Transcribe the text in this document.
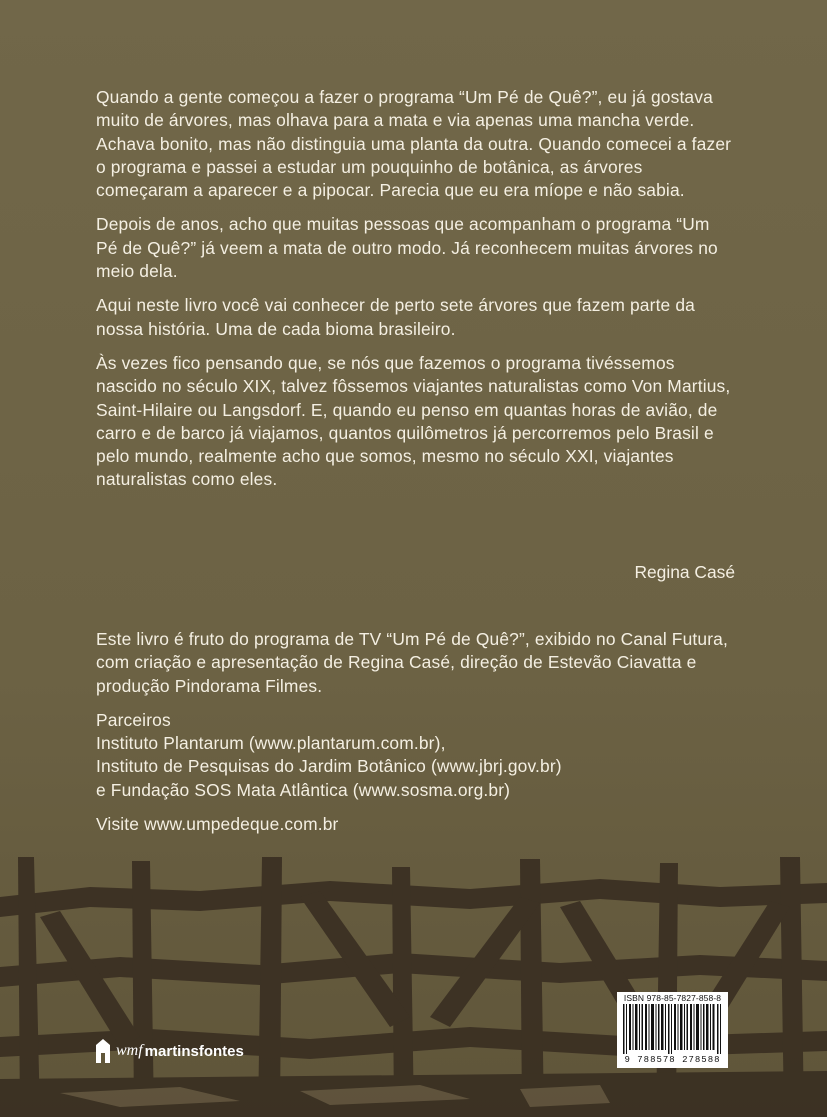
Quando a gente começou a fazer o programa “Um Pé de Quê?”, eu já gostava muito de árvores, mas olhava para a mata e via apenas uma mancha verde. Achava bonito, mas não distinguia uma planta da outra. Quando comecei a fazer o programa e passei a estudar um pouquinho de botânica, as árvores começaram a aparecer e a pipocar. Parecia que eu era míope e não sabia.

Depois de anos, acho que muitas pessoas que acompanham o programa “Um Pé de Quê?” já veem a mata de outro modo. Já reconhecem muitas árvores no meio dela.

Aqui neste livro você vai conhecer de perto sete árvores que fazem parte da nossa história. Uma de cada bioma brasileiro.

Às vezes fico pensando que, se nós que fazemos o programa tivéssemos nascido no século XIX, talvez fôssemos viajantes naturalistas como Von Martius, Saint-Hilaire ou Langsdorf. E, quando eu penso em quantas horas de avião, de carro e de barco já viajamos, quantos quilômetros já percorremos pelo Brasil e pelo mundo, realmente acho que somos, mesmo no século XXI, viajantes naturalistas como eles.

Regina Casé

Este livro é fruto do programa de TV “Um Pé de Quê?”, exibido no Canal Futura, com criação e apresentação de Regina Casé, direção de Estevão Ciavatta e produção Pindorama Filmes.

Parceiros
Instituto Plantarum (www.plantarum.com.br),
Instituto de Pesquisas do Jardim Botânico (www.jbrj.gov.br)
e Fundação SOS Mata Atlântica (www.sosma.org.br)

Visite www.umpedeque.com.br

ISBN 978-85-7827-858-8
9 788578 278588
wmf martinsfontes
